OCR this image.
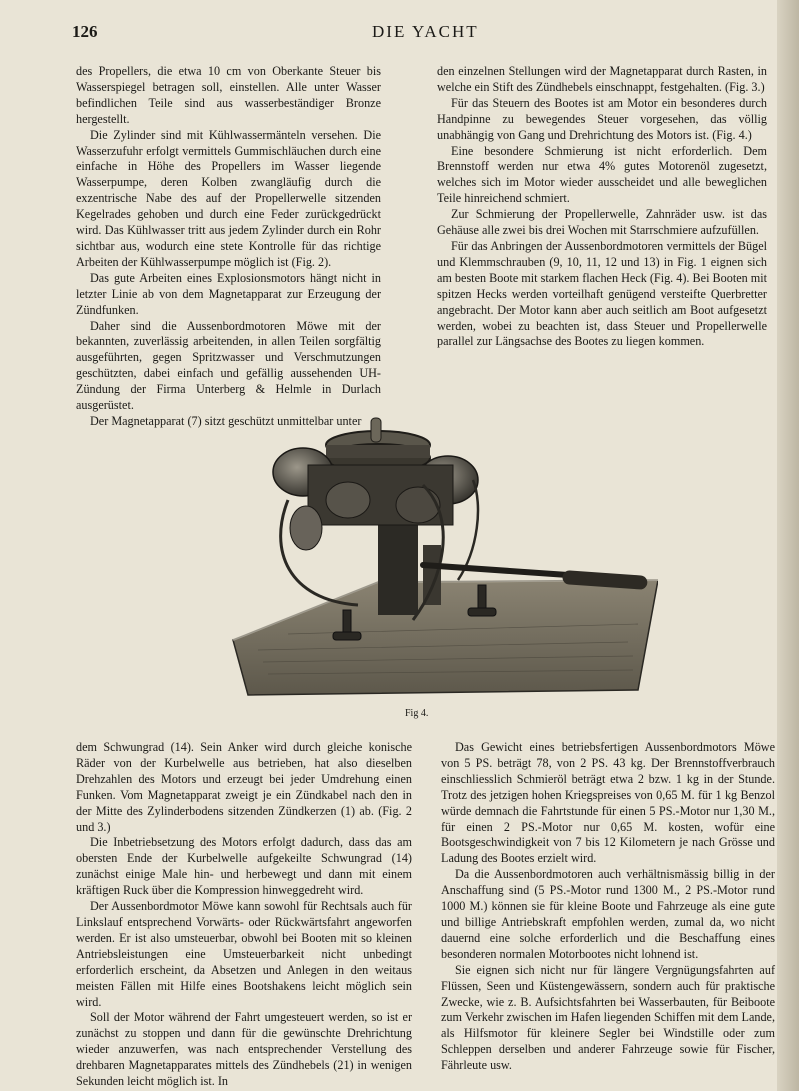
126	DIE YACHT

des Propellers, die etwa 10 cm von Oberkante Steuer bis Wasserspiegel betragen soll, einstellen. Alle unter Wasser befindlichen Teile sind aus wasserbeständiger Bronze hergestellt.

Die Zylinder sind mit Kühlwassermänteln versehen. Die Wasserzufuhr erfolgt vermittels Gummischläuchen durch eine einfache in Höhe des Propellers im Wasser liegende Wasserpumpe, deren Kolben zwangläufig durch die exzentrische Nabe des auf der Propellerwelle sitzenden Kegelrades gehoben und durch eine Feder zurückgedrückt wird. Das Kühlwasser tritt aus jedem Zylinder durch ein Rohr sichtbar aus, wodurch eine stete Kontrolle für das richtige Arbeiten der Kühlwasserpumpe möglich ist (Fig. 2).

Das gute Arbeiten eines Explosionsmotors hängt nicht in letzter Linie ab von dem Magnetapparat zur Erzeugung der Zündfunken.

Daher sind die Aussenbordmotoren Möwe mit der bekannten, zuverlässig arbeitenden, in allen Teilen sorgfältig ausgeführten, gegen Spritzwasser und Verschmutzungen geschützten, dabei einfach und gefällig aussehenden UH-Zündung der Firma Unterberg & Helmle in Durlach ausgerüstet.

Der Magnetapparat (7) sitzt geschützt unmittelbar unter

den einzelnen Stellungen wird der Magnetapparat durch Rasten, in welche ein Stift des Zündhebels einschnappt, festgehalten. (Fig. 3.)

Für das Steuern des Bootes ist am Motor ein besonderes durch Handpinne zu bewegendes Steuer vorgesehen, das völlig unabhängig von Gang und Drehrichtung des Motors ist. (Fig. 4.)

Eine besondere Schmierung ist nicht erforderlich. Dem Brennstoff werden nur etwa 4% gutes Motorenöl zugesetzt, welches sich im Motor wieder ausscheidet und alle beweglichen Teile hinreichend schmiert.

Zur Schmierung der Propellerwelle, Zahnräder usw. ist das Gehäuse alle zwei bis drei Wochen mit Starrschmiere aufzufüllen.

Für das Anbringen der Aussenbordmotoren vermittels der Bügel und Klemmschrauben (9, 10, 11, 12 und 13) in Fig. 1 eignen sich am besten Boote mit starkem flachen Heck (Fig. 4). Bei Booten mit spitzen Hecks werden vorteilhaft genügend versteifte Querbretter angebracht. Der Motor kann aber auch seitlich am Boot aufgesetzt werden, wobei zu beachten ist, dass Steuer und Propellerwelle parallel zur Längsachse des Bootes zu liegen kommen.

Fig 4.

dem Schwungrad (14). Sein Anker wird durch gleiche konische Räder von der Kurbelwelle aus betrieben, hat also dieselben Drehzahlen des Motors und erzeugt bei jeder Umdrehung einen Funken. Vom Magnetapparat zweigt je ein Zündkabel nach den in der Mitte des Zylinderbodens sitzenden Zündkerzen (1) ab. (Fig. 2 und 3.)

Die Inbetriebsetzung des Motors erfolgt dadurch, dass das am obersten Ende der Kurbelwelle aufgekeilte Schwungrad (14) zunächst einige Male hin- und herbewegt und dann mit einem kräftigen Ruck über die Kompression hinweggedreht wird.

Der Aussenbordmotor Möwe kann sowohl für Rechtsals auch für Linkslauf entsprechend Vorwärts- oder Rückwärtsfahrt angeworfen werden. Er ist also umsteuerbar, obwohl bei Booten mit so kleinen Antriebsleistungen eine Umsteuerbarkeit nicht unbedingt erforderlich erscheint, da Absetzen und Anlegen in den weitaus meisten Fällen mit Hilfe eines Bootshakens leicht möglich sein wird.

Soll der Motor während der Fahrt umgesteuert werden, so ist er zunächst zu stoppen und dann für die gewünschte Drehrichtung wieder anzuwerfen, was nach entsprechender Verstellung des drehbaren Magnetapparates mittels des Zündhebels (21) in wenigen Sekunden leicht möglich ist. In

Das Gewicht eines betriebsfertigen Aussenbordmotors Möwe von 5 PS. beträgt 78, von 2 PS. 43 kg. Der Brennstoffverbrauch einschliesslich Schmieröl beträgt etwa 2 bzw. 1 kg in der Stunde. Trotz des jetzigen hohen Kriegspreises von 0,65 M. für 1 kg Benzol würde demnach die Fahrtstunde für einen 5 PS.-Motor nur 1,30 M., für einen 2 PS.-Motor nur 0,65 M. kosten, wofür eine Bootsgeschwindigkeit von 7 bis 12 Kilometern je nach Grösse und Ladung des Bootes erzielt wird.

Da die Aussenbordmotoren auch verhältnismässig billig in der Anschaffung sind (5 PS.-Motor rund 1300 M., 2 PS.-Motor rund 1000 M.) können sie für kleine Boote und Fahrzeuge als eine gute und billige Antriebskraft empfohlen werden, zumal da, wo nicht dauernd eine solche erforderlich und die Beschaffung eines besonderen normalen Motorbootes nicht lohnend ist.

Sie eignen sich nicht nur für längere Vergnügungsfahrten auf Flüssen, Seen und Küstengewässern, sondern auch für praktische Zwecke, wie z. B. Aufsichtsfahrten bei Wasserbauten, für Beiboote zum Verkehr zwischen im Hafen liegenden Schiffen mit dem Lande, als Hilfsmotor für kleinere Segler bei Windstille oder zum Schleppen derselben und anderer Fahrzeuge sowie für Fischer, Fährleute usw.
